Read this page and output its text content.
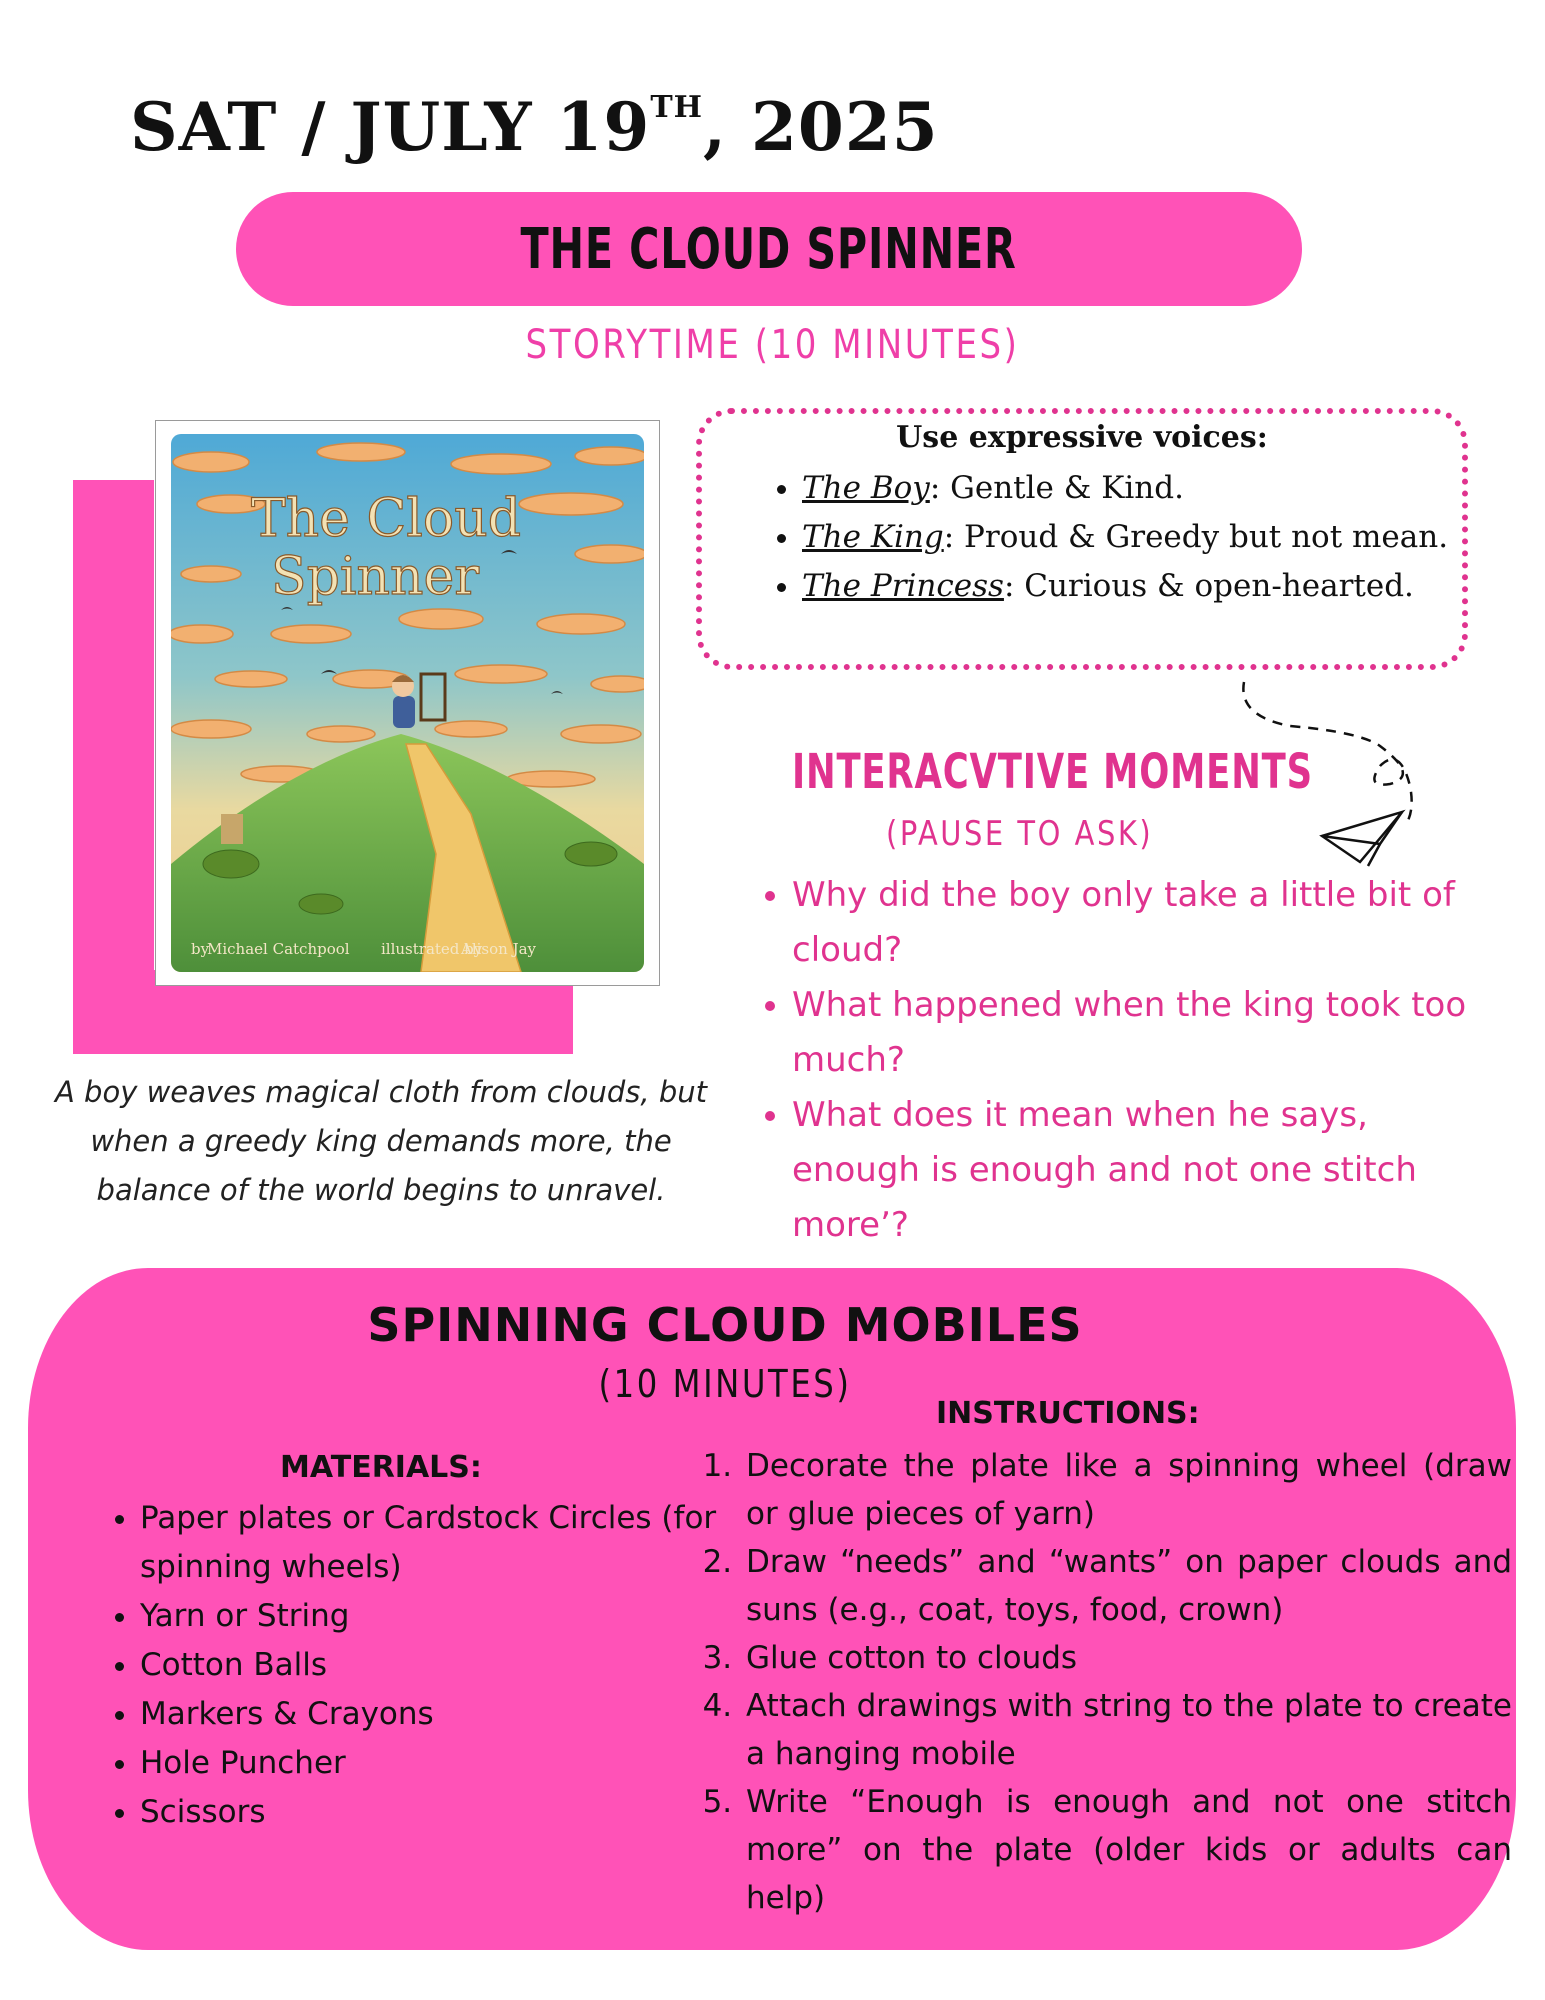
SAT / JULY 19TH, 2025
THE CLOUD SPINNER
STORYTIME (10 MINUTES)
The Cloud
Spinner
by
Michael Catchpool illustrated by
Alison Jay
A boy weaves magical cloth from clouds, but when a greedy king demands more, the balance of the world begins to unravel.
Use expressive voices:
• The Boy: Gentle & Kind.
• The King: Proud & Greedy but not mean.
• The Princess: Curious & open-hearted.
INTERACVTIVE MOMENTS
(PAUSE TO ASK)
• Why did the boy only take a little bit of cloud?
• What happened when the king took too much?
• What does it mean when he says, enough is enough and not one stitch more’?
SPINNING CLOUD MOBILES
(10 MINUTES)
MATERIALS:
• Paper plates or Cardstock Circles (for spinning wheels)
• Yarn or String
• Cotton Balls
• Markers & Crayons
• Hole Puncher
• Scissors
INSTRUCTIONS:
1. Decorate the plate like a spinning wheel (draw or glue pieces of yarn)
2. Draw “needs” and “wants” on paper clouds and suns (e.g., coat, toys, food, crown)
3. Glue cotton to clouds
4. Attach drawings with string to the plate to create a hanging mobile
5. Write “Enough is enough and not one stitch more” on the plate (older kids or adults can help)
